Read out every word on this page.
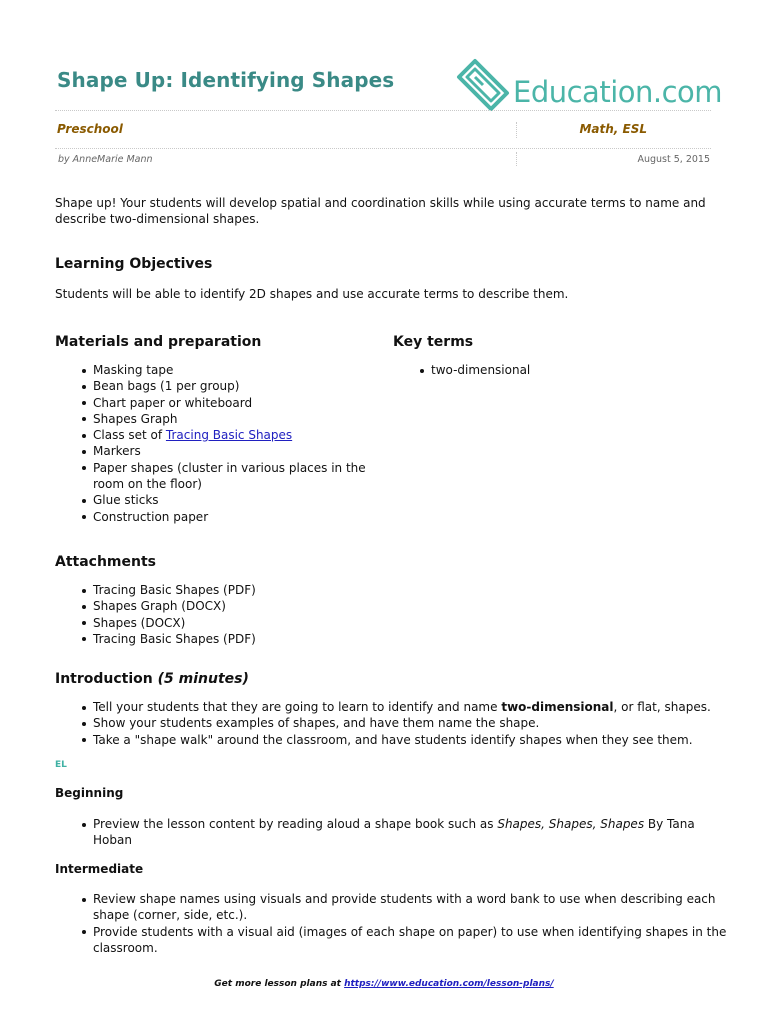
Shape Up: Identifying Shapes	Education.com
Preschool	Math, ESL
by AnneMarie Mann	August 5, 2015

Shape up! Your students will develop spatial and coordination skills while using accurate terms to name and describe two-dimensional shapes.

Learning Objectives

Students will be able to identify 2D shapes and use accurate terms to describe them.

Materials and preparation
Masking tape
Bean bags (1 per group)
Chart paper or whiteboard
Shapes Graph
Class set of Tracing Basic Shapes
Markers
Paper shapes (cluster in various places in the room on the floor)
Glue sticks
Construction paper
Key terms
two-dimensional
Attachments
Tracing Basic Shapes (PDF)
Shapes Graph (DOCX)
Shapes (DOCX)
Tracing Basic Shapes (PDF)
Introduction (5 minutes)
Tell your students that they are going to learn to identify and name two-dimensional, or flat, shapes.
Show your students examples of shapes, and have them name the shape.
Take a "shape walk" around the classroom, and have students identify shapes when they see them.
EL
Beginning
Preview the lesson content by reading aloud a shape book such as Shapes, Shapes, Shapes By Tana Hoban
Intermediate
Review shape names using visuals and provide students with a word bank to use when describing each shape (corner, side, etc.).
Provide students with a visual aid (images of each shape on paper) to use when identifying shapes in the classroom.
Get more lesson plans at https://www.education.com/lesson-plans/
